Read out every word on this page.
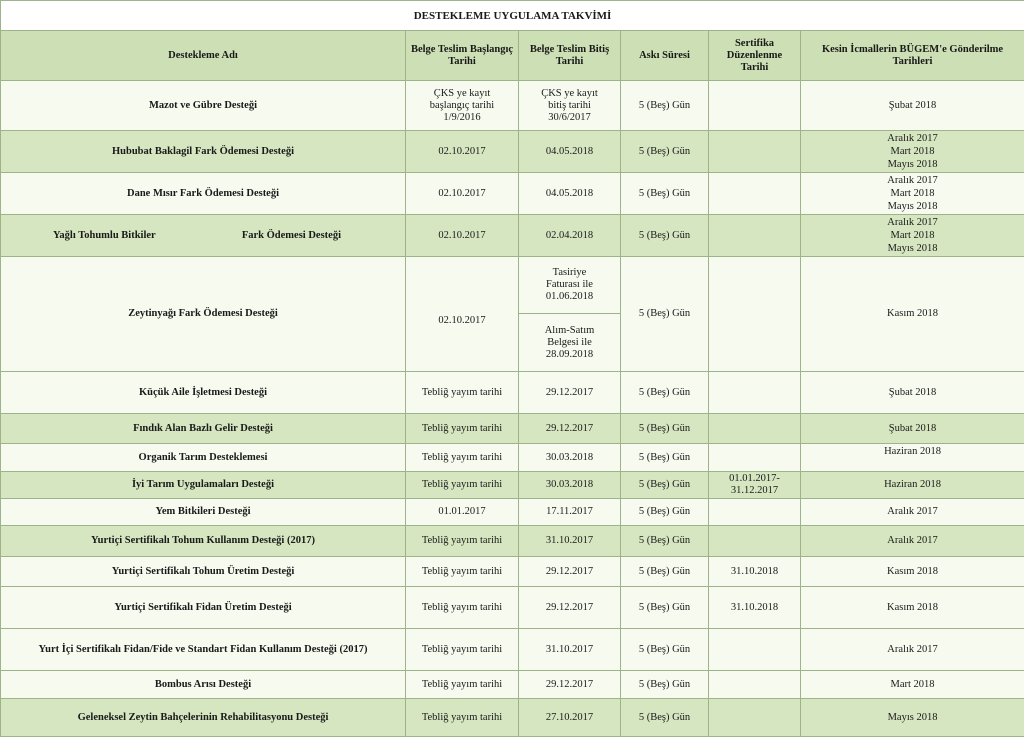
DESTEKLEME UYGULAMA TAKVİMİ					
Destekleme Adı	Belge Teslim Başlangıç Tarihi	Belge Teslim Bitiş Tarihi	Askı Süresi	Sertifika Düzenlenme Tarihi	Kesin İcmallerin BÜGEM'e Gönderilme Tarihleri
Mazot ve Gübre Desteği	ÇKS ye kayıt başlangıç tarihi 1/9/2016	ÇKS ye kayıt bitiş tarihi 30/6/2017	5 (Beş) Gün		Şubat 2018
Hububat Baklagil Fark Ödemesi Desteği	02.10.2017	04.05.2018	5 (Beş) Gün		Aralık 2017
Mart 2018
Mayıs 2018
Dane Mısır Fark Ödemesi Desteği	02.10.2017	04.05.2018	5 (Beş) Gün		Aralık 2017
Mart 2018
Mayıs 2018

Yağlı Tohumlu Bitkiler Fark Ödemesi Desteği	02.10.2017	02.04.2018	5 (Beş) Gün		Aralık 2017
Mart 2018
Mayıs 2018
Zeytinyağı Fark Ödemesi Desteği	02.10.2017	Tasiriye Faturası ile 01.06.2018
Alım-Satım Belgesi ile 28.09.2018	5 (Beş) Gün		Kasım 2018
Küçük Aile İşletmesi Desteği	Tebliğ yayım tarihi	29.12.2017	5 (Beş) Gün		Şubat 2018
Fındık Alan Bazlı Gelir Desteği	Tebliğ yayım tarihi	29.12.2017	5 (Beş) Gün		Şubat 2018
Organik Tarım Desteklemesi	Tebliğ yayım tarihi	30.03.2018	5 (Beş) Gün		Haziran 2018
İyi Tarım Uygulamaları Desteği	Tebliğ yayım tarihi	30.03.2018	5 (Beş) Gün	01.01.2017-31.12.2017	Haziran 2018
Yem Bitkileri Desteği	01.01.2017	17.11.2017	5 (Beş) Gün		Aralık 2017
Yurtiçi Sertifikalı Tohum Kullanım Desteği (2017)	Tebliğ yayım tarihi	31.10.2017	5 (Beş) Gün		Aralık 2017
Yurtiçi Sertifikalı Tohum Üretim Desteği	Tebliğ yayım tarihi	29.12.2017	5 (Beş) Gün	31.10.2018	Kasım 2018
Yurtiçi Sertifikalı Fidan Üretim Desteği	Tebliğ yayım tarihi	29.12.2017	5 (Beş) Gün	31.10.2018	Kasım 2018
Yurt İçi Sertifikalı Fidan/Fide ve Standart Fidan Kullanım Desteği (2017)	Tebliğ yayım tarihi	31.10.2017	5 (Beş) Gün		Aralık 2017
Bombus Arısı Desteği	Tebliğ yayım tarihi	29.12.2017	5 (Beş) Gün		Mart 2018
Geleneksel Zeytin Bahçelerinin Rehabilitasyonu Desteği	Tebliğ yayım tarihi	27.10.2017	5 (Beş) Gün		Mayıs 2018
